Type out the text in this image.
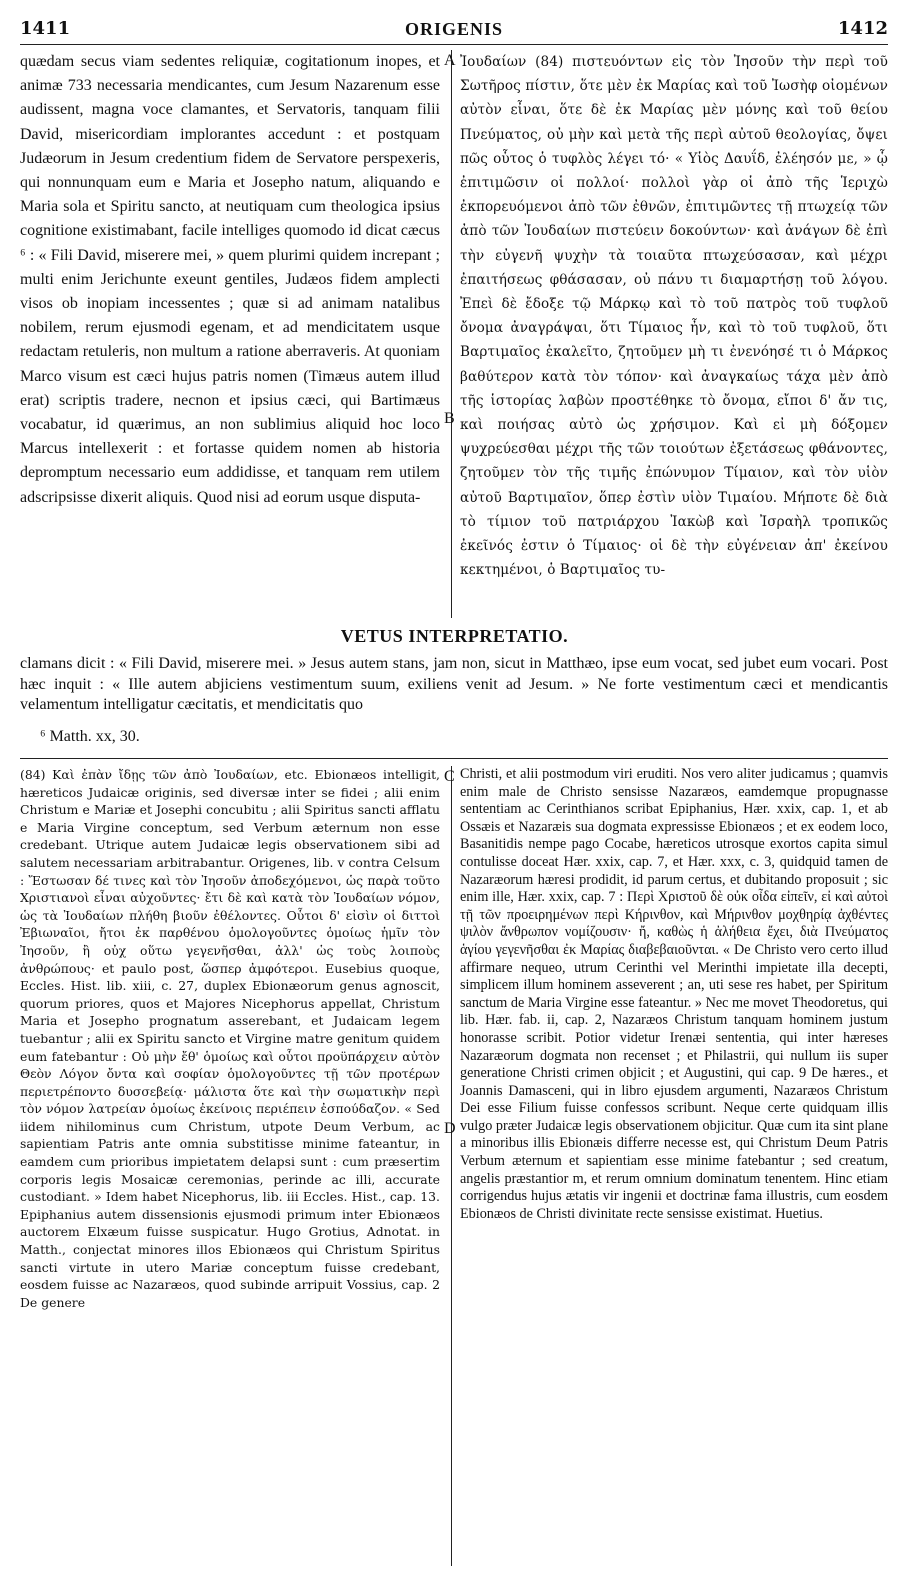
1411	ORIGENIS	1412
quædam secus viam sedentes reliquiæ, cogitationum inopes, et animæ 733 necessaria mendicantes, cum Jesum Nazarenum esse audissent, magna voce clamantes, et Servatoris, tanquam filii David, misericordiam implorantes accedunt : et postquam Judæorum in Jesum credentium fidem de Servatore perspexeris, qui nonnunquam eum e Maria et Josepho natum, aliquando e Maria sola et Spiritu sancto, at neutiquam cum theologica ipsius cognitione existimabant, facile intelliges quomodo id dicat cæcus ⁶ : « Fili David, miserere mei, » quem plurimi quidem increpant ; multi enim Jerichunte exeunt gentiles, Judæos fidem amplecti visos ob inopiam incessentes ; quæ si ad animam natalibus nobilem, rerum ejusmodi egenam, et ad mendicitatem usque redactam retuleris, non multum a ratione aberraveris. At quoniam Marco visum est cæci hujus patris nomen (Timæus autem illud erat) scriptis tradere, necnon et ipsius cæci, qui Bartimæus vocabatur, id quærimus, an non sublimius aliquid hoc loco Marcus intellexerit : et fortasse quidem nomen ab historia depromptum necessario eum addidisse, et tanquam rem utilem adscripsisse dixerit aliquis. Quod nisi ad eorum usque disputa-
A
B
Ἰουδαίων (84) πιστευόντων εἰς τὸν Ἰησοῦν τὴν περὶ τοῦ Σωτῆρος πίστιν, ὅτε μὲν ἐκ Μαρίας καὶ τοῦ Ἰωσὴφ οἰομένων αὐτὸν εἶναι, ὅτε δὲ ἐκ Μαρίας μὲν μόνης καὶ τοῦ θείου Πνεύματος, οὐ μὴν καὶ μετὰ τῆς περὶ αὐτοῦ θεολογίας, ὄψει πῶς οὗτος ὁ τυφλὸς λέγει τό· « Υἱὸς Δαυΐδ, ἐλέησόν με, » ᾧ ἐπιτιμῶσιν οἱ πολλοί· πολλοὶ γὰρ οἱ ἀπὸ τῆς Ἱεριχὼ ἐκπορευόμενοι ἀπὸ τῶν ἐθνῶν, ἐπιτιμῶντες τῇ πτωχείᾳ τῶν ἀπὸ τῶν Ἰουδαίων πιστεύειν δοκούντων· καὶ ἀνάγων δὲ ἐπὶ τὴν εὐγενῆ ψυχὴν τὰ τοιαῦτα πτωχεύσασαν, καὶ μέχρι ἐπαιτήσεως φθάσασαν, οὐ πάνυ τι διαμαρτήσῃ τοῦ λόγου. Ἐπεὶ δὲ ἔδοξε τῷ Μάρκῳ καὶ τὸ τοῦ πατρὸς τοῦ τυφλοῦ ὄνομα ἀναγράψαι, ὅτι Τίμαιος ἦν, καὶ τὸ τοῦ τυφλοῦ, ὅτι Βαρτιμαῖος ἐκαλεῖτο, ζητοῦμεν μὴ τι ἐνενόησέ τι ὁ Μάρκος βαθύτερον κατὰ τὸν τόπον· καὶ ἀναγκαίως τάχα μὲν ἀπὸ τῆς ἱστορίας λαβὼν προστέθηκε τὸ ὄνομα, εἴποι δ' ἄν τις, καὶ ποιήσας αὐτὸ ὡς χρήσιμον. Καὶ εἰ μὴ δόξομεν ψυχρεύεσθαι μέχρι τῆς τῶν τοιούτων ἐξετάσεως φθάνοντες, ζητοῦμεν τὸν τῆς τιμῆς ἐπώνυμον Τίμαιον, καὶ τὸν υἱὸν αὐτοῦ Βαρτιμαῖον, ὅπερ ἐστὶν υἱὸν Τιμαίου. Μήποτε δὲ διὰ τὸ τίμιον τοῦ πατριάρχου Ἰακὼβ καὶ Ἰσραὴλ τροπικῶς ἐκεῖνός ἐστιν ὁ Τίμαιος· οἱ δὲ τὴν εὐγένειαν ἀπ' ἐκείνου κεκτημένοι, ὁ Βαρτιμαῖος τυ-
VETUS INTERPRETATIO.
clamans dicit : « Fili David, miserere mei. » Jesus autem stans, jam non, sicut in Matthæo, ipse eum vocat, sed jubet eum vocari. Post hæc inquit : « Ille autem abjiciens vestimentum suum, exiliens venit ad Jesum. » Ne forte vestimentum cæci et mendicantis velamentum intelligatur cæcitatis, et mendicitatis quo
⁶ Matth. xx, 30.
(84) Καὶ ἐπὰν ἴδῃς τῶν ἀπὸ Ἰουδαίων, etc. Ebionæos intelligit, hæreticos Judaicæ originis, sed diversæ inter se fidei ; alii enim Christum e Mariæ et Josephi concubitu ; alii Spiritus sancti afflatu e Maria Virgine conceptum, sed Verbum æternum non esse credebant. Utrique autem Judaicæ legis observationem sibi ad salutem necessariam arbitrabantur. Origenes, lib. v contra Celsum : Ἔστωσαν δέ τινες καὶ τὸν Ἰησοῦν ἀποδεχόμενοι, ὡς παρὰ τοῦτο Χριστιανοὶ εἶναι αὐχοῦντες· ἔτι δὲ καὶ κατὰ τὸν Ἰουδαίων νόμον, ὡς τὰ Ἰουδαίων πλήθη βιοῦν ἐθέλοντες. Οὗτοι δ' εἰσὶν οἱ διττοὶ Ἐβιωναῖοι, ἤτοι ἐκ παρθένου ὁμολογοῦντες ὁμοίως ἡμῖν τὸν Ἰησοῦν, ἢ οὐχ οὕτω γεγενῆσθαι, ἀλλ' ὡς τοὺς λοιποὺς ἀνθρώπους· et paulo post, ὥσπερ ἀμφότεροι. Eusebius quoque, Eccles. Hist. lib. xiii, c. 27, duplex Ebionæorum genus agnoscit, quorum priores, quos et Majores Nicephorus appellat, Christum Maria et Josepho prognatum asserebant, et Judaicam legem tuebantur ; alii ex Spiritu sancto et Virgine matre genitum quidem eum fatebantur : Οὐ μὴν ἔθ' ὁμοίως καὶ οὗτοι προϋπάρχειν αὐτὸν Θεὸν Λόγον ὄντα καὶ σοφίαν ὁμολογοῦντες τῇ τῶν προτέρων περιετρέποντο δυσσεβείᾳ· μάλιστα ὅτε καὶ τὴν σωματικὴν περὶ τὸν νόμον λατρείαν ὁμοίως ἐκείνοις περιέπειν ἐσπούδαζον. « Sed iidem nihilominus cum Christum, utpote Deum Verbum, ac sapientiam Patris ante omnia substitisse minime fateantur, in eamdem cum prioribus impietatem delapsi sunt : cum præsertim corporis legis Mosaicæ ceremonias, perinde ac illi, accurate custodiant. » Idem habet Nicephorus, lib. iii Eccles. Hist., cap. 13. Epiphanius autem dissensionis ejusmodi primum inter Ebionæos auctorem Elxæum fuisse suspicatur. Hugo Grotius, Adnotat. in Matth., conjectat minores illos Ebionæos qui Christum Spiritus sancti virtute in utero Mariæ conceptum fuisse credebant, eosdem fuisse ac Nazaræos, quod subinde arripuit Vossius, cap. 2 De genere
C
D
Christi, et alii postmodum viri eruditi. Nos vero aliter judicamus ; quamvis enim male de Christo sensisse Nazaræos, eamdemque propugnasse sententiam ac Cerinthianos scribat Epiphanius, Hær. xxix, cap. 1, et ab Ossæis et Nazaræis sua dogmata expressisse Ebionæos ; et ex eodem loco, Basanitidis nempe pago Cocabe, hæreticos utrosque exortos capita simul contulisse doceat Hær. xxix, cap. 7, et Hær. xxx, c. 3, quidquid tamen de Nazaræorum hæresi prodidit, id parum certus, et dubitando proposuit ; sic enim ille, Hær. xxix, cap. 7 : Περὶ Χριστοῦ δὲ οὐκ οἶδα εἰπεῖν, εἰ καὶ αὐτοὶ τῇ τῶν προειρημένων περὶ Κήρινθον, καὶ Μήρινθον μοχθηρίᾳ ἀχθέντες ψιλὸν ἄνθρωπον νομίζουσιν· ἤ, καθὼς ἡ ἀλήθεια ἔχει, διὰ Πνεύματος ἁγίου γεγενῆσθαι ἐκ Μαρίας διαβεβαιοῦνται. « De Christo vero certo illud affirmare nequeo, utrum Cerinthi vel Merinthi impietate illa decepti, simplicem illum hominem asseverent ; an, uti sese res habet, per Spiritum sanctum de Maria Virgine esse fateantur. » Nec me movet Theodoretus, qui lib. Hær. fab. ii, cap. 2, Nazaræos Christum tanquam hominem justum honorasse scribit. Potior videtur Irenæi sententia, qui inter hæreses Nazaræorum dogmata non recenset ; et Philastrii, qui nullum iis super generatione Christi crimen objicit ; et Augustini, qui cap. 9 De hæres., et Joannis Damasceni, qui in libro ejusdem argumenti, Nazaræos Christum Dei esse Filium fuisse confessos scribunt. Neque certe quidquam illis vulgo præter Judaicæ legis observationem objicitur. Quæ cum ita sint plane a minoribus illis Ebionæis differre necesse est, qui Christum Deum Patris Verbum æternum et sapientiam esse minime fatebantur ; sed creatum, angelis præstantior m, et rerum omnium dominatum tenentem. Hinc etiam corrigendus hujus ætatis vir ingenii et doctrinæ fama illustris, cum eosdem Ebionæos de Christi divinitate recte sensisse existimat. Huetius.
